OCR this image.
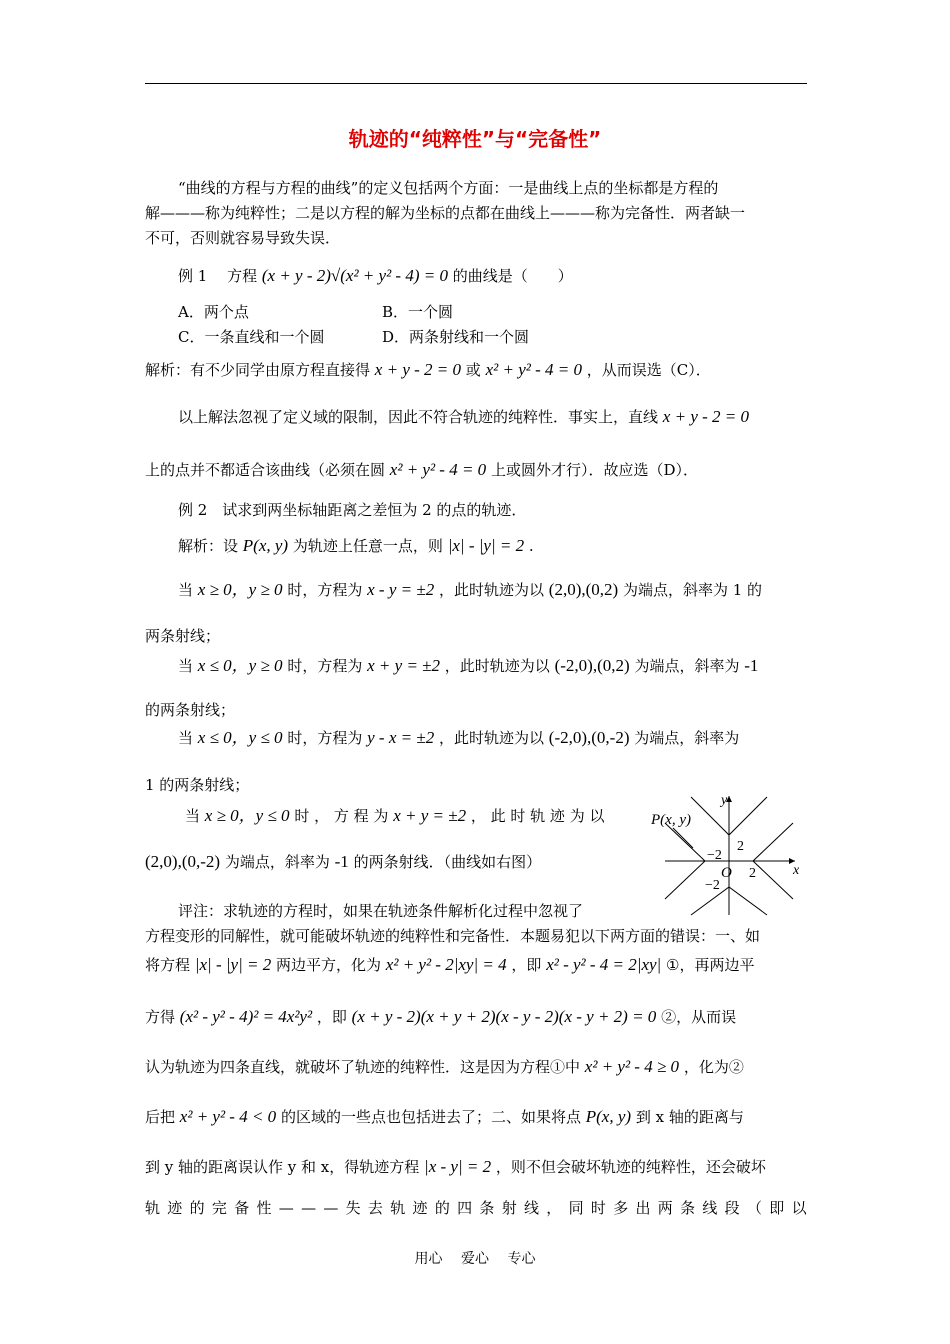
轨迹的“纯粹性”与“完备性”
“曲线的方程与方程的曲线”的定义包括两个方面：一是曲线上点的坐标都是方程的
解———称为纯粹性；二是以方程的解为坐标的点都在曲线上———称为完备性．两者缺一
不可，否则就容易导致失误．
例 1　 方程 (x + y - 2)√(x² + y² - 4) = 0 的曲线是（　　）
A．两个点	B．一个圆
C．一条直线和一个圆	D．两条射线和一个圆
解析：有不少同学由原方程直接得 x + y - 2 = 0 或 x² + y² - 4 = 0 ，从而误选（C）．
以上解法忽视了定义域的限制，因此不符合轨迹的纯粹性．事实上，直线 x + y - 2 = 0
上的点并不都适合该曲线（必须在圆 x² + y² - 4 = 0 上或圆外才行）．故应选（D）．
例 2　试求到两坐标轴距离之差恒为 2 的点的轨迹．
解析：设 P(x, y) 为轨迹上任意一点，则 |x| - |y| = 2 .
当 x ≥ 0，y ≥ 0 时，方程为 x - y = ±2 ，此时轨迹为以 (2,0),(0,2) 为端点，斜率为 1 的
两条射线；
当 x ≤ 0，y ≥ 0 时，方程为 x + y = ±2 ，此时轨迹为以 (-2,0),(0,2) 为端点，斜率为 -1
的两条射线；
当 x ≤ 0，y ≤ 0 时，方程为 y - x = ±2 ，此时轨迹为以 (-2,0),(0,-2) 为端点，斜率为
1 的两条射线；
当 x ≥ 0，y ≤ 0 时 ， 方 程 为 x + y = ±2 ， 此 时 轨 迹 为 以
(2,0),(0,-2) 为端点，斜率为 -1 的两条射线．（曲线如右图）
P(x, y)
y
x
O
2
−2
2
−2
评注：求轨迹的方程时，如果在轨迹条件解析化过程中忽视了
方程变形的同解性，就可能破坏轨迹的纯粹性和完备性．本题易犯以下两方面的错误：一、如
将方程 |x| - |y| = 2 两边平方，化为 x² + y² - 2|xy| = 4 ，即 x² - y² - 4 = 2|xy| ①，再两边平
方得 (x² - y² - 4)² = 4x²y² ，即 (x + y - 2)(x + y + 2)(x - y - 2)(x - y + 2) = 0 ②，从而误
认为轨迹为四条直线，就破坏了轨迹的纯粹性．这是因为方程①中 x² + y² - 4 ≥ 0 ，化为②
后把 x² + y² - 4 < 0 的区域的一些点也包括进去了；二、如果将点 P(x, y) 到 x 轴的距离与
到 y 轴的距离误认作 y 和 x，得轨迹方程 |x - y| = 2 ，则不但会破坏轨迹的纯粹性，还会破坏
轨 迹 的 完 备 性 — — — 失 去 轨 迹 的 四 条 射 线 ， 同 时 多 出 两 条 线 段 （ 即 以
用心　 爱心　 专心
